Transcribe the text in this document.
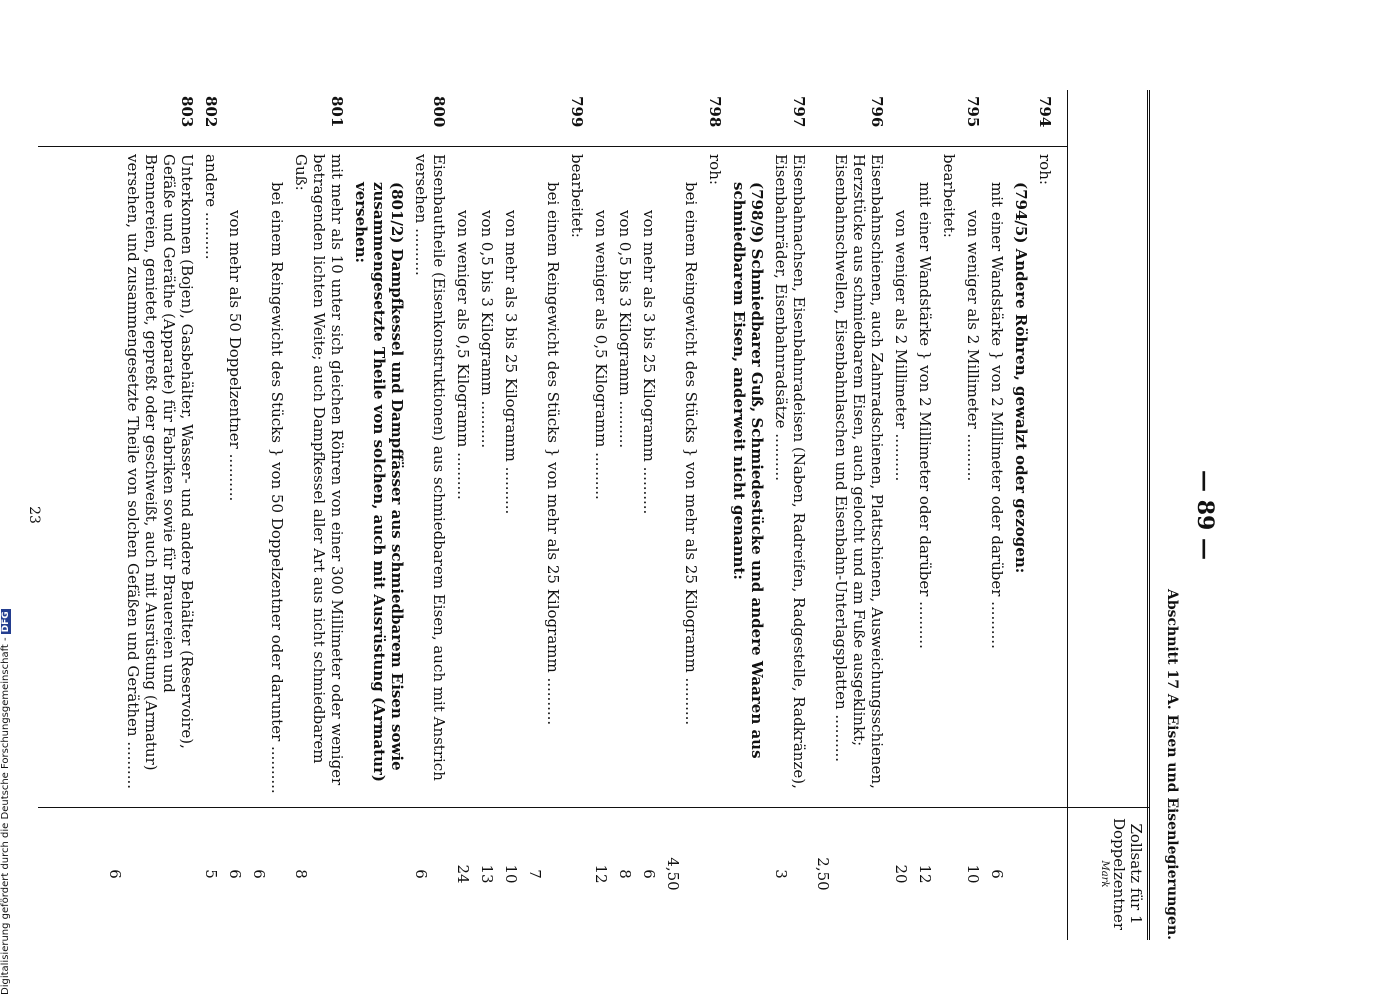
— 89 —
Abschnitt 17 A. Eisen und Eisenlegierungen.
Zollsatz für 1 Doppelzentner
Mark
794
roh:
(794/5) Andere Röhren, gewalzt oder gezogen:
mit einer Wandstärke } von 2 Millimeter oder darüber ..........
6
795
von weniger als 2 Millimeter ..........
10
bearbeitet:
mit einer Wandstärke } von 2 Millimeter oder darüber ..........
12
von weniger als 2 Millimeter ..........
20
796
Eisenbahnschienen, auch Zahnradschienen, Plattschienen, Ausweichungsschienen, Herzstücke aus schmiedbarem Eisen, auch gelocht und am Fuße ausgeklinkt; Eisenbahnschwellen, Eisenbahnlaschen und Eisenbahn-Unterlagsplatten ..........
2,50
797
Eisenbahnachsen, Eisenbahnradeisen (Naben, Radreifen, Radgestelle, Radkränze), Eisenbahnräder, Eisenbahnradsätze ..........
3
(798/9) Schmiedbarer Guß, Schmiedestücke und andere Waaren aus schmiedbarem Eisen, anderweit nicht genannt:
798
roh:
bei einem Reingewicht des Stücks } von mehr als 25 Kilogramm ..........
4,50
von mehr als 3 bis 25 Kilogramm ..........
6
von 0,5 bis 3 Kilogramm ..........
8
von weniger als 0,5 Kilogramm ..........
12
799
bearbeitet:
bei einem Reingewicht des Stücks } von mehr als 25 Kilogramm ..........
7
von mehr als 3 bis 25 Kilogramm ..........
10
von 0,5 bis 3 Kilogramm ..........
13
von weniger als 0,5 Kilogramm ..........
24
800
Eisenbautheile (Eisenkonstruktionen) aus schmiedbarem Eisen, auch mit Anstrich versehen ..........
6
(801/2) Dampfkessel und Dampffässer aus schmiedbarem Eisen sowie zusammengesetzte Theile von solchen, auch mit Ausrüstung (Armatur) versehen:
801
mit mehr als 10 unter sich gleichen Röhren von einer 300 Millimeter oder weniger betragenden lichten Weite; auch Dampfkessel aller Art aus nicht schmiedbarem Guß:
8
bei einem Reingewicht des Stücks } von 50 Doppelzentner oder darunter ..........
6
von mehr als 50 Doppelzentner ..........
6
802
andere ..........
5
803
Unterkonnen (Bojen), Gasbehälter, Wasser- und andere Behälter (Reservoire), Gefäße und Geräthe (Apparate) für Fabriken sowie für Brauereien und Brennereien, genietet, gepreßt oder geschweißt, auch mit Ausrüstung (Armatur) versehen, und zusammengesetzte Theile von solchen Gefäßen und Geräthen ..........
6
23
Digitalisierung gefördert durch die Deutsche Forschungsgemeinschaft -DFG
